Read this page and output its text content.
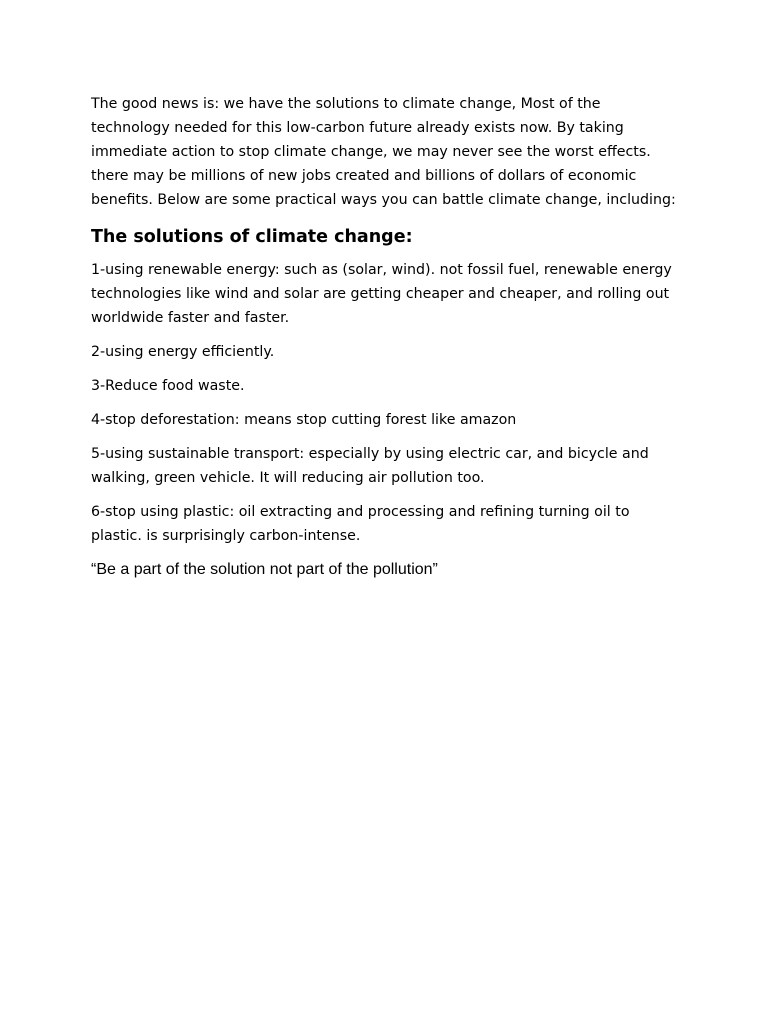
The good news is: we have the solutions to climate change, Most of the
technology needed for this low-carbon future already exists now. By taking
immediate action to stop climate change, we may never see the worst effects.
there may be millions of new jobs created and billions of dollars of economic
benefits. Below are some practical ways you can battle climate change, including:

The solutions of climate change:

1-using renewable energy: such as (solar, wind). not fossil fuel, renewable energy
technologies like wind and solar are getting cheaper and cheaper, and rolling out
worldwide faster and faster.

2-using energy efficiently.

3-Reduce food waste.

4-stop deforestation: means stop cutting forest like amazon

5-using sustainable transport: especially by using electric car, and bicycle and
walking, green vehicle. It will reducing air pollution too.

6-stop using plastic: oil extracting and processing and refining turning oil to
plastic. is surprisingly carbon-intense.

“Be a part of the solution not part of the pollution”
